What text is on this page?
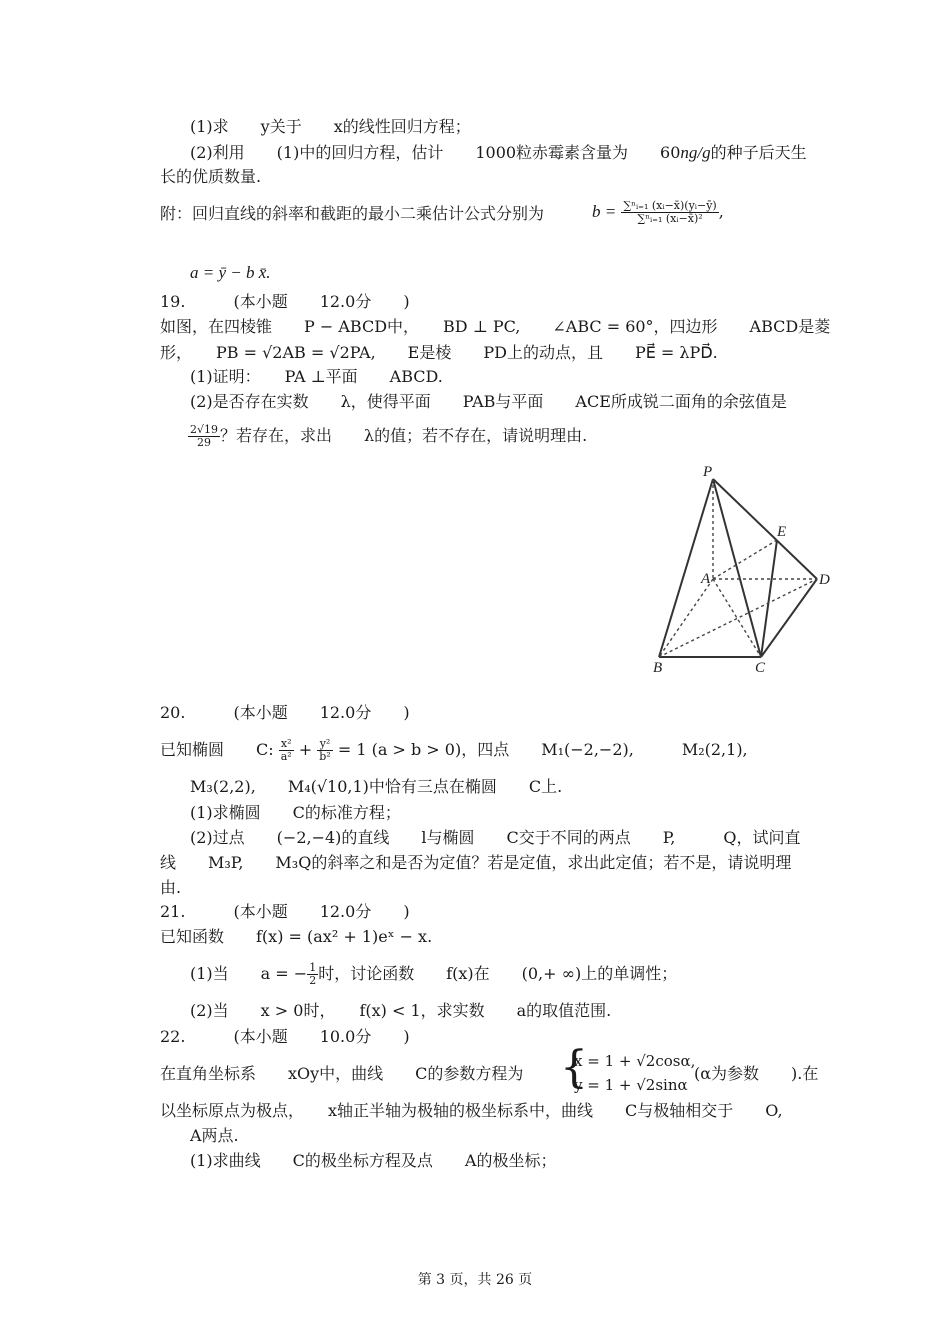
(1)求　　y关于　　x的线性回归方程；
(2)利用　　(1)中的回归方程，估计　　1000粒赤霉素含量为　　60ng/g的种子后天生
长的优质数量.
附：回归直线的斜率和截距的最小二乘估计公式分别为	$b = \frac{\text{∑ⁿᵢ₌₁ (xᵢ−x̄)(yᵢ−ȳ)}}{\text{∑ⁿᵢ₌₁ (xᵢ−x̄)²}}$ ,
a = ȳ − b x̄.
19.　　　(本小题　　12.0分　　)
如图，在四棱锥　　P − ABCD中，　　BD ⊥ PC,　　∠ABC = 60°，四边形　　ABCD是菱
形，　　PB = √2AB = √2PA,　　E是棱　　PD上的动点，且　　PE⃗ = λPD⃗.
(1)证明：　　PA ⊥平面　　ABCD.
(2)是否存在实数　　λ，使得平面　　PAB与平面　　ACE所成锐二面角的余弦值是
$\frac{2√19}{29}$ ？若存在，求出　　λ的值；若不存在，请说明理由.
P
E
A	D
B	C
20.　　　(本小题　　12.0分　　)
已知椭圆　　C: $\frac{\text{x²}}{\text{a²}} + \frac{\text{y²}}{\text{b²}} = 1$ (a > b > 0)，四点　　M₁(−2,−2),　　　M₂(2,1),
M₃(2,2),　　M₄(√10,1)中恰有三点在椭圆　　C上.
(1)求椭圆　　C的标准方程；
(2)过点　　(−2,−4)的直线　　l与椭圆　　C交于不同的两点　　P,　　　Q，试问直
线　　M₃P,　　M₃Q的斜率之和是否为定值？若是定值，求出此定值；若不是，请说明理
由.
21.　　　(本小题　　12.0分　　)
已知函数　　f(x) = (ax² + 1)eˣ − x.
(1)当　　a = − $\frac{1}{2}$ 时，讨论函数　　f(x)在　　(0,+ ∞)上的单调性；
(2)当　　x > 0时，　　f(x) < 1，求实数　　a的取值范围.
22.　　　(本小题　　10.0分　　)
在直角坐标系　　xOy中，曲线　　C的参数方程为 {
x = 1 + √2cosα,
y = 1 + √2sinα
(α为参数　　).在
以坐标原点为极点，　　x轴正半轴为极轴的极坐标系中，曲线　　C与极轴相交于　　O,
A两点.
(1)求曲线　　C的极坐标方程及点　　A的极坐标；
第 3 页，共 26 页
